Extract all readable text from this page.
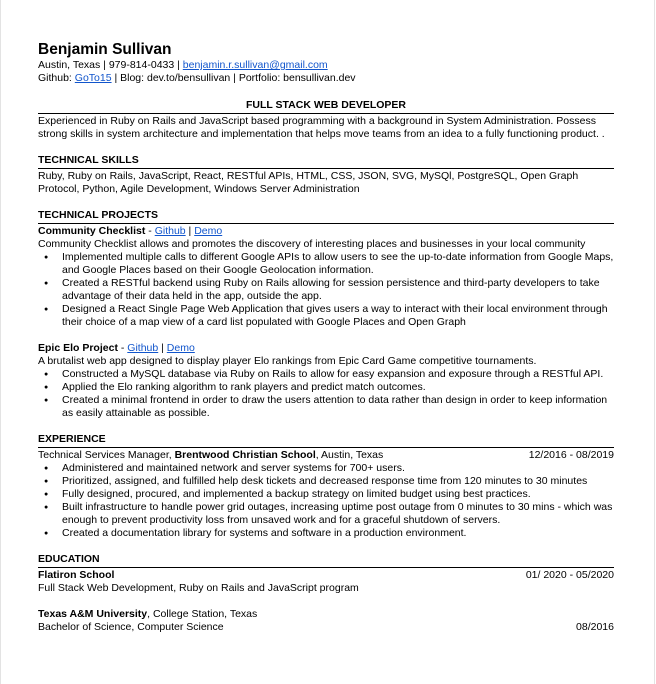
Benjamin Sullivan
Austin, Texas | 979-814-0433 | benjamin.r.sullivan@gmail.com
Github: GoTo15 | Blog: dev.to/bensullivan | Portfolio: bensullivan.dev
FULL STACK WEB DEVELOPER
Experienced in Ruby on Rails and JavaScript based programming with a background in System Administration. Possess strong skills in system architecture and implementation that helps move teams from an idea to a fully functioning product. .
TECHNICAL SKILLS
Ruby, Ruby on Rails, JavaScript, React, RESTful APIs, HTML, CSS, JSON, SVG, MySQl, PostgreSQL, Open Graph Protocol, Python, Agile Development, Windows Server Administration
TECHNICAL PROJECTS
Community Checklist - Github | Demo
Community Checklist allows and promotes the discovery of interesting places and businesses in your local community
● Implemented multiple calls to different Google APIs to allow users to see the up-to-date information from Google Maps, and Google Places based on their Google Geolocation information.
● Created a RESTful backend using Ruby on Rails allowing for session persistence and third-party developers to take advantage of their data held in the app, outside the app.
● Designed a React Single Page Web Application that gives users a way to interact with their local environment through their choice of a map view of a card list populated with Google Places and Open Graph
Epic Elo Project - Github | Demo
A brutalist web app designed to display player Elo rankings from Epic Card Game competitive tournaments.
● Constructed a MySQL database via Ruby on Rails to allow for easy expansion and exposure through a RESTful API.
● Applied the Elo ranking algorithm to rank players and predict match outcomes.
● Created a minimal frontend in order to draw the users attention to data rather than design in order to keep information as easily attainable as possible.
EXPERIENCE
Technical Services Manager, Brentwood Christian School, Austin, Texas	12/2016 - 08/2019
● Administered and maintained network and server systems for 700+ users.
● Prioritized, assigned, and fulfilled help desk tickets and decreased response time from 120 minutes to 30 minutes
● Fully designed, procured, and implemented a backup strategy on limited budget using best practices.
● Built infrastructure to handle power grid outages, increasing uptime post outage from 0 minutes to 30 mins - which was enough to prevent productivity loss from unsaved work and for a graceful shutdown of servers.
● Created a documentation library for systems and software in a production environment.
EDUCATION
Flatiron School	01/ 2020 - 05/2020
Full Stack Web Development, Ruby on Rails and JavaScript program
Texas A&M University, College Station, Texas
Bachelor of Science, Computer Science	08/2016
